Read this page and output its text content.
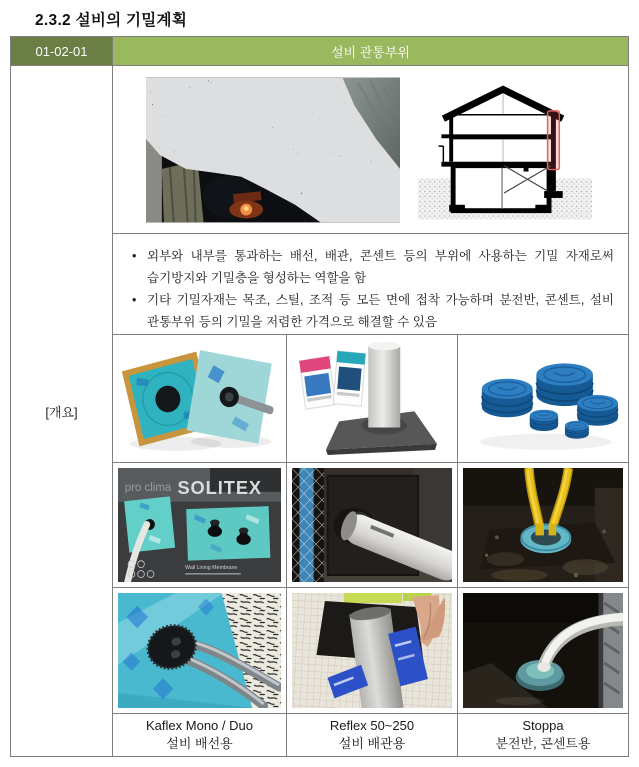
2.3.2 설비의 기밀계획
01-02-01	설비 관통부위
[개요]
• 외부와 내부를 통과하는 배선, 배관, 콘센트 등의 부위에 사용하는 기밀 자재로써 습기방지와 기밀층을 형성하는 역할을 함
• 기타 기밀자재는 목조, 스틸, 조적 등 모든 면에 접착 가능하며 분전반, 콘센트, 설비 관통부위 등의 기밀을 저렴한 가격으로 해결할 수 있음
pro clima SOLITEX
Wall Lining Membrane
Kaflex Mono / Duo
설비 배선용
Reflex 50~250
설비 배관용
Stoppa
분전반, 콘센트용
